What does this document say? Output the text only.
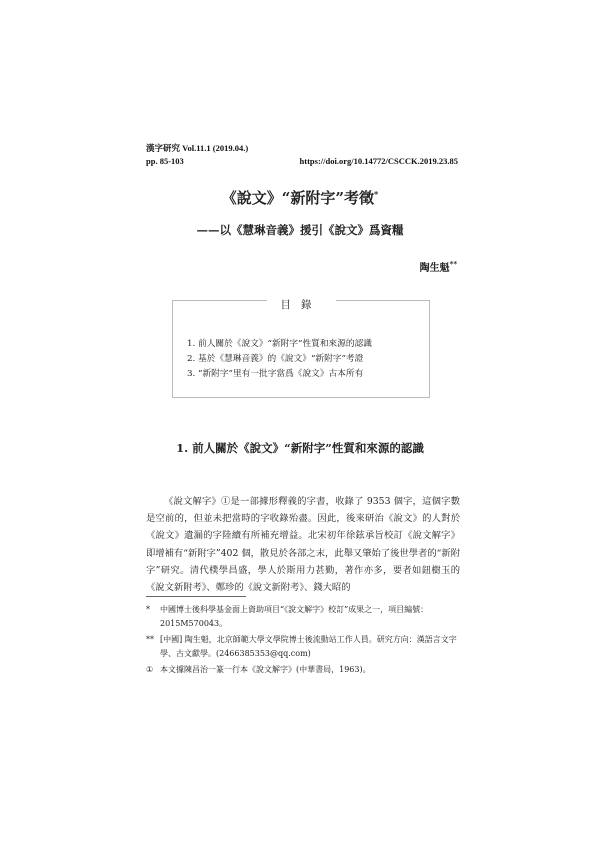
漢字研究 Vol.11.1 (2019.04.)
pp. 85-103	https://doi.org/10.14772/CSCCK.2019.23.85
《說文》“新附字”考徵*
——以《慧琳音義》援引《說文》爲資糧
陶生魁**
目錄
1. 前人關於《說文》“新附字”性質和來源的認識
2. 基於《慧琳音義》的《說文》“新附字”考證
3. “新附字”里有一批字當爲《說文》古本所有
1. 前人關於《說文》“新附字”性質和來源的認識

《說文解字》①是一部據形釋義的字書，收錄了 9353 個字，這個字數是空前的，但並未把當時的字收錄殆盡。因此，後來研治《說文》的人對於《說文》遺漏的字陸續有所補充增益。北宋初年徐鉉承旨校訂《說文解字》即增補有“新附字”402 個，散見於各部之末，此舉又肇始了後世學者的“新附字”研究。清代樸學昌盛，學人於斯用力甚勤，著作亦多，要者如鈕樹玉的《說文新附考》、鄭珍的《說文新附考》、錢大昭的

* 中國博士後科學基金面上資助項目“《說文解字》校訂”成果之一，項目編號：2015M570043。
** [中國] 陶生魁，北京師範大學文學院博士後流動站工作人員。研究方向：漢語言文字學、古文獻學。(2466385353@qq.com)
① 本文據陳昌治一篆一行本《說文解字》(中華書局，1963)。
